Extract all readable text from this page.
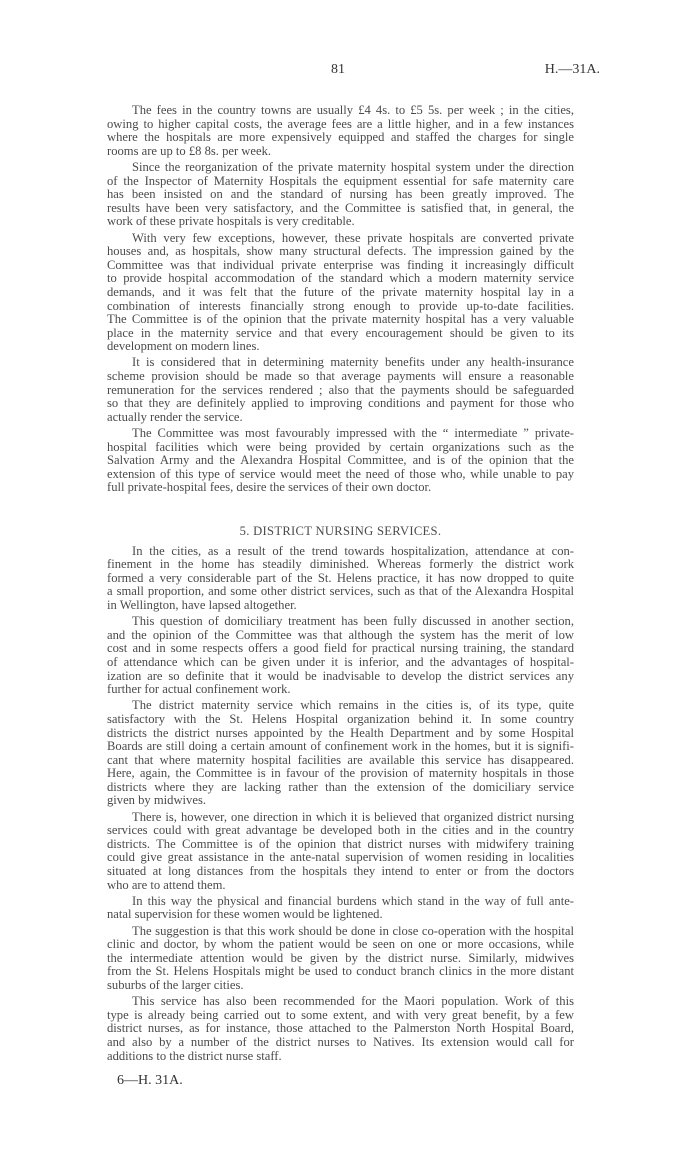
81	H.—31A.
The fees in the country towns are usually £4 4s. to £5 5s. per week ; in the cities,
owing to higher capital costs, the average fees are a little higher, and in a few instances
where the hospitals are more expensively equipped and staffed the charges for single
rooms are up to £8 8s. per week.
Since the reorganization of the private maternity hospital system under the direction
of the Inspector of Maternity Hospitals the equipment essential for safe maternity care
has been insisted on and the standard of nursing has been greatly improved. The
results have been very satisfactory, and the Committee is satisfied that, in general, the
work of these private hospitals is very creditable.
With very few exceptions, however, these private hospitals are converted private
houses and, as hospitals, show many structural defects. The impression gained by the
Committee was that individual private enterprise was finding it increasingly difficult
to provide hospital accommodation of the standard which a modern maternity service
demands, and it was felt that the future of the private maternity hospital lay in a
combination of interests financially strong enough to provide up-to-date facilities.
The Committee is of the opinion that the private maternity hospital has a very valuable
place in the maternity service and that every encouragement should be given to its
development on modern lines.
It is considered that in determining maternity benefits under any health-insurance
scheme provision should be made so that average payments will ensure a reasonable
remuneration for the services rendered ; also that the payments should be safeguarded
so that they are definitely applied to improving conditions and payment for those who
actually render the service.
The Committee was most favourably impressed with the “ intermediate ” private-
hospital facilities which were being provided by certain organizations such as the
Salvation Army and the Alexandra Hospital Committee, and is of the opinion that the
extension of this type of service would meet the need of those who, while unable to pay
full private-hospital fees, desire the services of their own doctor.
5. DISTRICT NURSING SERVICES.
In the cities, as a result of the trend towards hospitalization, attendance at con-
finement in the home has steadily diminished. Whereas formerly the district work
formed a very considerable part of the St. Helens practice, it has now dropped to quite
a small proportion, and some other district services, such as that of the Alexandra Hospital
in Wellington, have lapsed altogether.
This question of domiciliary treatment has been fully discussed in another section,
and the opinion of the Committee was that although the system has the merit of low
cost and in some respects offers a good field for practical nursing training, the standard
of attendance which can be given under it is inferior, and the advantages of hospital-
ization are so definite that it would be inadvisable to develop the district services any
further for actual confinement work.
The district maternity service which remains in the cities is, of its type, quite
satisfactory with the St. Helens Hospital organization behind it. In some country
districts the district nurses appointed by the Health Department and by some Hospital
Boards are still doing a certain amount of confinement work in the homes, but it is signifi-
cant that where maternity hospital facilities are available this service has disappeared.
Here, again, the Committee is in favour of the provision of maternity hospitals in those
districts where they are lacking rather than the extension of the domiciliary service
given by midwives.
There is, however, one direction in which it is believed that organized district nursing
services could with great advantage be developed both in the cities and in the country
districts. The Committee is of the opinion that district nurses with midwifery training
could give great assistance in the ante-natal supervision of women residing in localities
situated at long distances from the hospitals they intend to enter or from the doctors
who are to attend them.
In this way the physical and financial burdens which stand in the way of full ante-
natal supervision for these women would be lightened.
The suggestion is that this work should be done in close co-operation with the hospital
clinic and doctor, by whom the patient would be seen on one or more occasions, while
the intermediate attention would be given by the district nurse. Similarly, midwives
from the St. Helens Hospitals might be used to conduct branch clinics in the more distant
suburbs of the larger cities.
This service has also been recommended for the Maori population. Work of this
type is already being carried out to some extent, and with very great benefit, by a few
district nurses, as for instance, those attached to the Palmerston North Hospital Board,
and also by a number of the district nurses to Natives. Its extension would call for
additions to the district nurse staff.
6—H. 31A.
